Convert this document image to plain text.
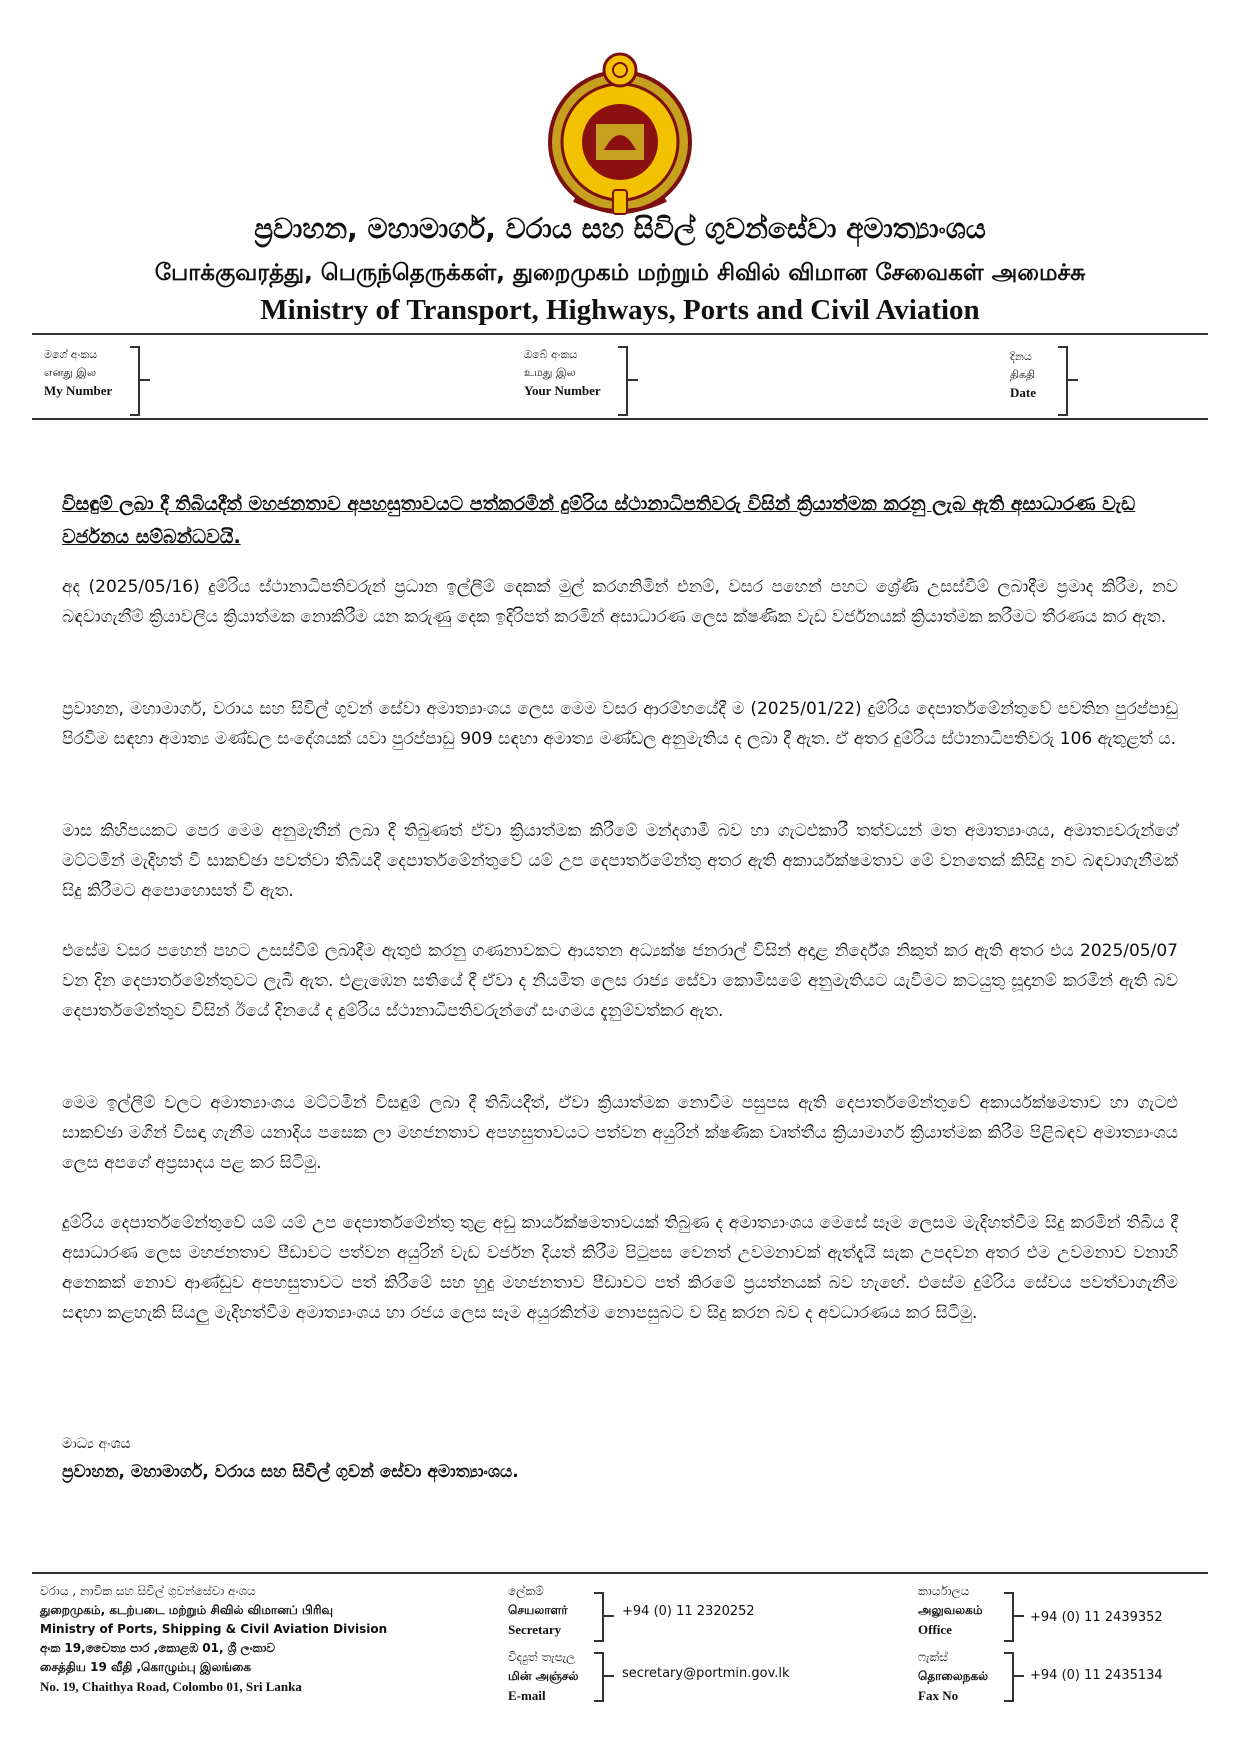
ප්‍රවාහන, මහාමාර්ග, වරාය සහ සිවිල් ගුවන්සේවා අමාත්‍යාංශය
போக்குவரத்து, பெருந்தெருக்கள், துறைமுகம் மற்றும் சிவில் விமான சேவைகள் அமைச்சு
Ministry of Transport, Highways, Ports and Civil Aviation
මගේ අංකය
எனது இல
My Number
ඔබේ අංකය
உமது இல
Your Number
දිනය
திகதி
Date
විසඳුම් ලබා දී තිබියදීත් මහජනතාව අපහසුතාවයට පත්කරමින් දුම්රිය ස්ථානාධිපතිවරු විසින් ක්‍රියාත්මක කරනු ලැබ ඇති අසාධාරණ වැඩ වර්ජනය සම්බන්ධවයි.
අද (2025/05/16) දුම්රිය ස්ථානාධිපතිවරුන් ප්‍රධාන ඉල්ලීම් දෙකක් මුල් කරගනිමින් එනම්, වසර පහෙන් පහට ශ්‍රේණි උසස්වීම් ලබාදීම ප්‍රමාද කිරීම, නව බඳවාගැනීම් ක්‍රියාවලිය ක්‍රියාත්මක නොකිරීම යන කරුණු දෙක ඉදිරිපත් කරමින් අසාධාරණ ලෙස ක්ෂණික වැඩ වර්ජනයක් ක්‍රියාත්මක කරීමට තීරණය කර ඇත.
ප්‍රවාහන, මහාමාර්ග, වරාය සහ සිවිල් ගුවන් සේවා අමාත්‍යාංශය ලෙස මෙම වසර ආරම්භයේදී ම (2025/01/22) දුම්රිය දෙපාර්තමේන්තුවේ පවතින පුරප්පාඩු පිරවීම සඳහා අමාත්‍ය මණ්ඩල සංදේශයක් යවා පුරප්පාඩු 909 සඳහා අමාත්‍ය මණ්ඩල අනුමැතිය ද ලබා දී ඇත. ඒ අතර දුම්රිය ස්ථානාධිපතිවරු 106 ඇතුළත් ය.
මාස කිහිපයකට පෙර මෙම අනුමැතීන් ලබා දී තිබුණත් ඒවා ක්‍රියාත්මක කිරීමේ මන්දගාමී බව හා ගැටළුකාරී තත්වයන් මත අමාත්‍යාංශය, අමාත්‍යවරුන්ගේ මට්ටමින් මැදිහත් වී සාකච්ඡා පවත්වා තිබියදී දෙපාර්තමේන්තුවේ යම් උප දෙපාර්තමේන්තු අතර ඇති අකාර්යක්ෂමතාව මේ වනතෙක් කිසිදු නව බඳවාගැනීමක් සිදු කිරීමට අපොහොසත් වී ඇත.
එසේම වසර පහෙන් පහට උසස්වීම් ලබාදීම ඇතුළු කරනු ගණනාවකට ආයතන අධ්‍යක්ෂ ජනරාල් විසින් අදාළ නිර්දේශ නිකුත් කර ඇති අතර එය 2025/05/07 වන දින දෙපාර්තමේන්තුවට ලැබී ඇත. එළැඹෙන සතියේ දී ඒවා ද නියමිත ලෙස රාජ්‍ය සේවා කොමිසමේ අනුමැතියට යැවීමට කටයුතු සූදානම් කරමින් ඇති බව දෙපාර්තමේන්තුව විසින් ඊයේ දිනයේ ද දුම්රිය ස්ථානාධිපතිවරුන්ගේ සංගමය දැනුම්වත්කර ඇත.
මෙම ඉල්ලීම් වලට අමාත්‍යාංශය මට්ටමින් විසඳුම් ලබා දී තිබියදීත්, ඒවා ක්‍රියාත්මක නොවීම පසුපස ඇති දෙපාර්තමේන්තුවේ අකාර්යක්ෂමතාව හා ගැටළු සාකච්ඡා මගින් විසඳා ගැනීම යනාදිය පසෙක ලා මහජනතාව අපහසුතාවයට පත්වන අයුරින් ක්ෂණික වෘත්තීය ක්‍රියාමාර්ග ක්‍රියාත්මක කිරීම පිළිබඳව අමාත්‍යාංශය ලෙස අපගේ අප්‍රසාදය පළ කර සිටිමු.
දුම්රිය දෙපාර්තමේන්තුවේ යම් යම් උප දෙපාර්තමේන්තු තුළ අඩු කාර්යක්ෂමතාවයක් තිබුණ ද අමාත්‍යාංශය මෙසේ සෑම ලෙසම මැදිහත්වීම සිදු කරමින් තිබිය දී අසාධාරණ ලෙස මහජනතාව පීඩාවට පත්වන අයුරින් වැඩ වර්ජන දියත් කිරීම පිටුපස වෙනත් උවමනාවක් ඇත්දැයි සැක උපදවන අතර එම උවමනාව වනාහි අනෙකක් නොව ආණ්ඩුව අපහසුතාවට පත් කිරීමේ සහ හුදු මහජනතාව පීඩාවට පත් කිරමේ ප්‍රයත්නයක් බව හැඟේ. එසේම දුම්රිය සේවය පවත්වාගැනීම සඳහා කළහැකි සියලු මැදිහත්වීම අමාත්‍යාංශය හා රජය ලෙස සෑම අයුරකින්ම නොපසුබට ව සිදු කරන බව ද අවධාරණය කර සිටිමු.
මාධ්‍ය අංශය
ප්‍රවාහන, මහාමාර්ග, වරාය සහ සිවිල් ගුවන් සේවා අමාත්‍යාංශය.
වරාය , නාවික සහ සිවිල් ගුවන්සේවා අංශය
துறைமுகம், கடற்படை மற்றும் சிவில் விமானப் பிரிவு
Ministry of Ports, Shipping & Civil Aviation Division
අංක 19,චෛත්‍ය පාර ,කොළඹ 01, ශ්‍රී ලංකාව
சைத்திய 19 வீதி ,கொழும்பு இலங்கை
No. 19, Chaithya Road, Colombo 01, Sri Lanka
ලේකම්
செயலாளர்
Secretary
+94 (0) 11 2320252
විද්‍යුත් තැපැල
மின் அஞ்சல்
E-mail
secretary@portmin.gov.lk
කාර්යාලය
அலுவலகம்
Office
+94 (0) 11 2439352
ෆැක්ස්
தொலைநகல்
Fax No
+94 (0) 11 2435134
